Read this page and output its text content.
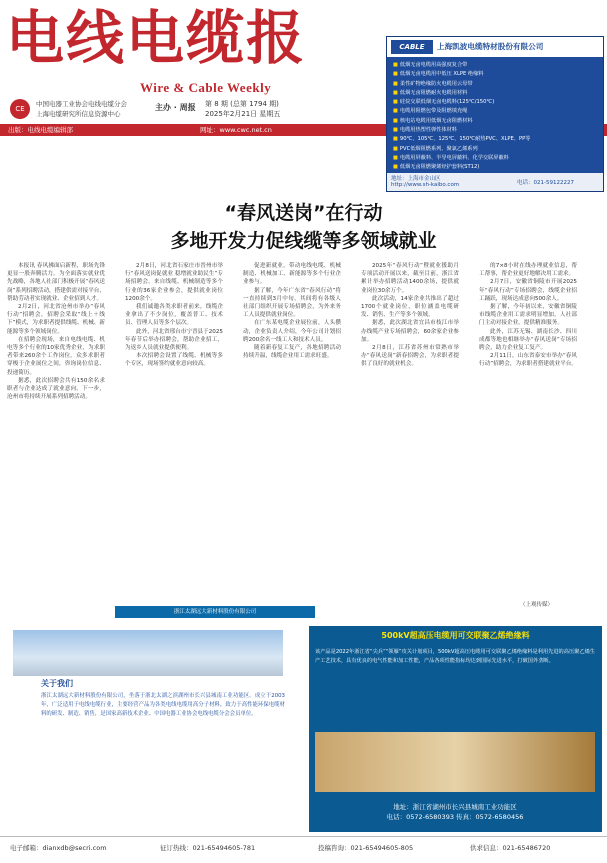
电线电缆报
Wire & Cable Weekly
CE
中国电器工业协会电线电缆分会
上海电缆研究所信息资源中心
主办 · 周报 第 8 期 (总第 1794 期)
2025年2月21日 星期五
出版：电线电缆编辑部	网址：www.cwc.net.cn
CABLE	上海凯波电缆特材股份有限公司
■ 低烟无卤电缆用高强度复合带
■ 低烟无卤电缆用中低压 XLPE 绝缘料
■ 柔性矿物绝缘防火电缆用云母带
■ 低烟无卤阻燃耐火电缆用材料
■ 硅烷交联低烟无卤电缆料(125℃/150℃)
■ 电缆用阻燃包带及阻燃填充绳
■ 核电站电缆用低烟无卤阻燃材料
■ 电缆用热塑性弹性体材料
■ 90℃、105℃、125℃、150℃耐热PVC、XLPE、PP等
■ PVC低烟阻燃系列、聚氯乙烯系列
■ 电缆用屏蔽料、半导电屏蔽料、化学交联屏蔽料
■ 低烟无卤阻燃聚烯烃护套料(ST12)
地址：上海市金山区
http://www.sh-kaibo.com	电话：021-59122227
“春风送岗”在行动
多地开发力促线缆等多领域就业

本报讯 春风拂面启新程，职场先锋更显一股奔腾活力。为全面落实就业优先战略，各地人社部门积极开展“春风送岗”系列招聘活动，搭建供需对接平台，帮助劳动者实现就业、企业招到人才。

2月2日，河北省沧州市举办“春风行动”招聘会，招聘会采取“线上＋线下”模式，为求职者提供线缆、机械、新能源等多个领域岗位。

在招聘会现场，来自电线电缆、机电等多个行业的10家优秀企业，为求职者带来260余个工作岗位。众多求职者穿梭于企业展位之间，咨询岗位信息、投递简历。

据悉，此次招聘会共有150余名求职者与企业达成了就业意向。下一步，沧州市将持续开展系列招聘活动。

2月8日，河北省石家庄市晋州市举行“春风送岗促就业 稳增就业助民生”专场招聘会。来自线缆、机械制造等多个行业的36家企业参会，提供就业岗位1200余个。

我们诚邀各类求职者前来，线缆企业拿出了不少岗位，覆盖普工、技术员、管理人员等多个层次。

此外，河北省邢台市宁晋县于2025年春节后举办招聘会，帮助企业招工，为返乡人员就业提供便利。

本次招聘会设置了线缆、机械等多个专区，现场签约就业意向较高。

促进新就业，带动电线电缆、机械制造、机械加工、新能源等多个行业企业参与。

据了解，今年广东省“春风行动”将一直持续到3月中旬，其间将有各级人社部门组织开展专场招聘会，为外来务工人员提供就业岗位。

在广东某电缆企业展位前，人头攒动，企业负责人介绍，今年公司计划招聘200余名一线工人和技术人员。

随着新春复工复产，各地招聘活动持续升温，线缆企业用工需求旺盛。

2025年“春风行动”暨就业援助月专项活动开展以来，截至目前，浙江省累计举办招聘活动1400余场，提供就业岗位30余万个。

此次活动，14家企业共推出了超过1700个就业岗位，职位涵盖电缆研发、销售、生产等多个领域。

据悉，此次湖北省宜昌市枝江市举办线缆产业专场招聘会，60余家企业参加。

2月8日，江苏省苏州市常熟市举办“春风送岗”新春招聘会，为求职者提供了良好的就业机会。

的7×8小时在线办理就业信息，帮工帮事，帮企业更好地解决用工需求。

2月7日，安徽省铜陵市开展2025年“春风行动”专场招聘会，线缆企业招工踊跃，现场达成意向500余人。

据了解，今年初以来，安徽省铜陵市线缆企业用工需求明显增加，人社部门主动对接企业，提供精准服务。

此外，江苏无锡、湖南长沙、四川成都等地也相继举办“春风送岗”专场招聘会，助力企业复工复产。

2月11日，山东省泰安市举办“春风行动”招聘会，为求职者搭建就业平台。

（上观传媒）
浙江太湖远大新材料股份有限公司
关于我们
浙江太湖远大新材料股份有限公司，坐落于浙北太湖之滨湖州市长兴县城南工业功能区。成立于2003年，广泛适用于电线电缆行业，主要经营产品为各类电线电缆用高分子材料，致力于高性能环保电缆材料的研发、制造、销售，是国家高新技术企业、中国电器工业协会电线电缆分会会员单位。
500kV超高压电缆用可交联聚乙烯绝缘料
该产品是2022年浙江省“尖兵”“领雁”攻关计划项目，500kV超高压电缆用可交联聚乙烯绝缘料是利用先进的高压聚乙烯生产工艺技术，具有优良的电气性能和加工性能，产品各项性能指标均达到国际先进水平，打破国外垄断。
地址：浙江省湖州市长兴县城南工业功能区
电话：0572-6580393 传真：0572-6580456
电子邮箱：dianxdb@secri.com	征订热线：021-65494605-781	投稿咨询：021-65494605-805	供求信息：021-65486720
